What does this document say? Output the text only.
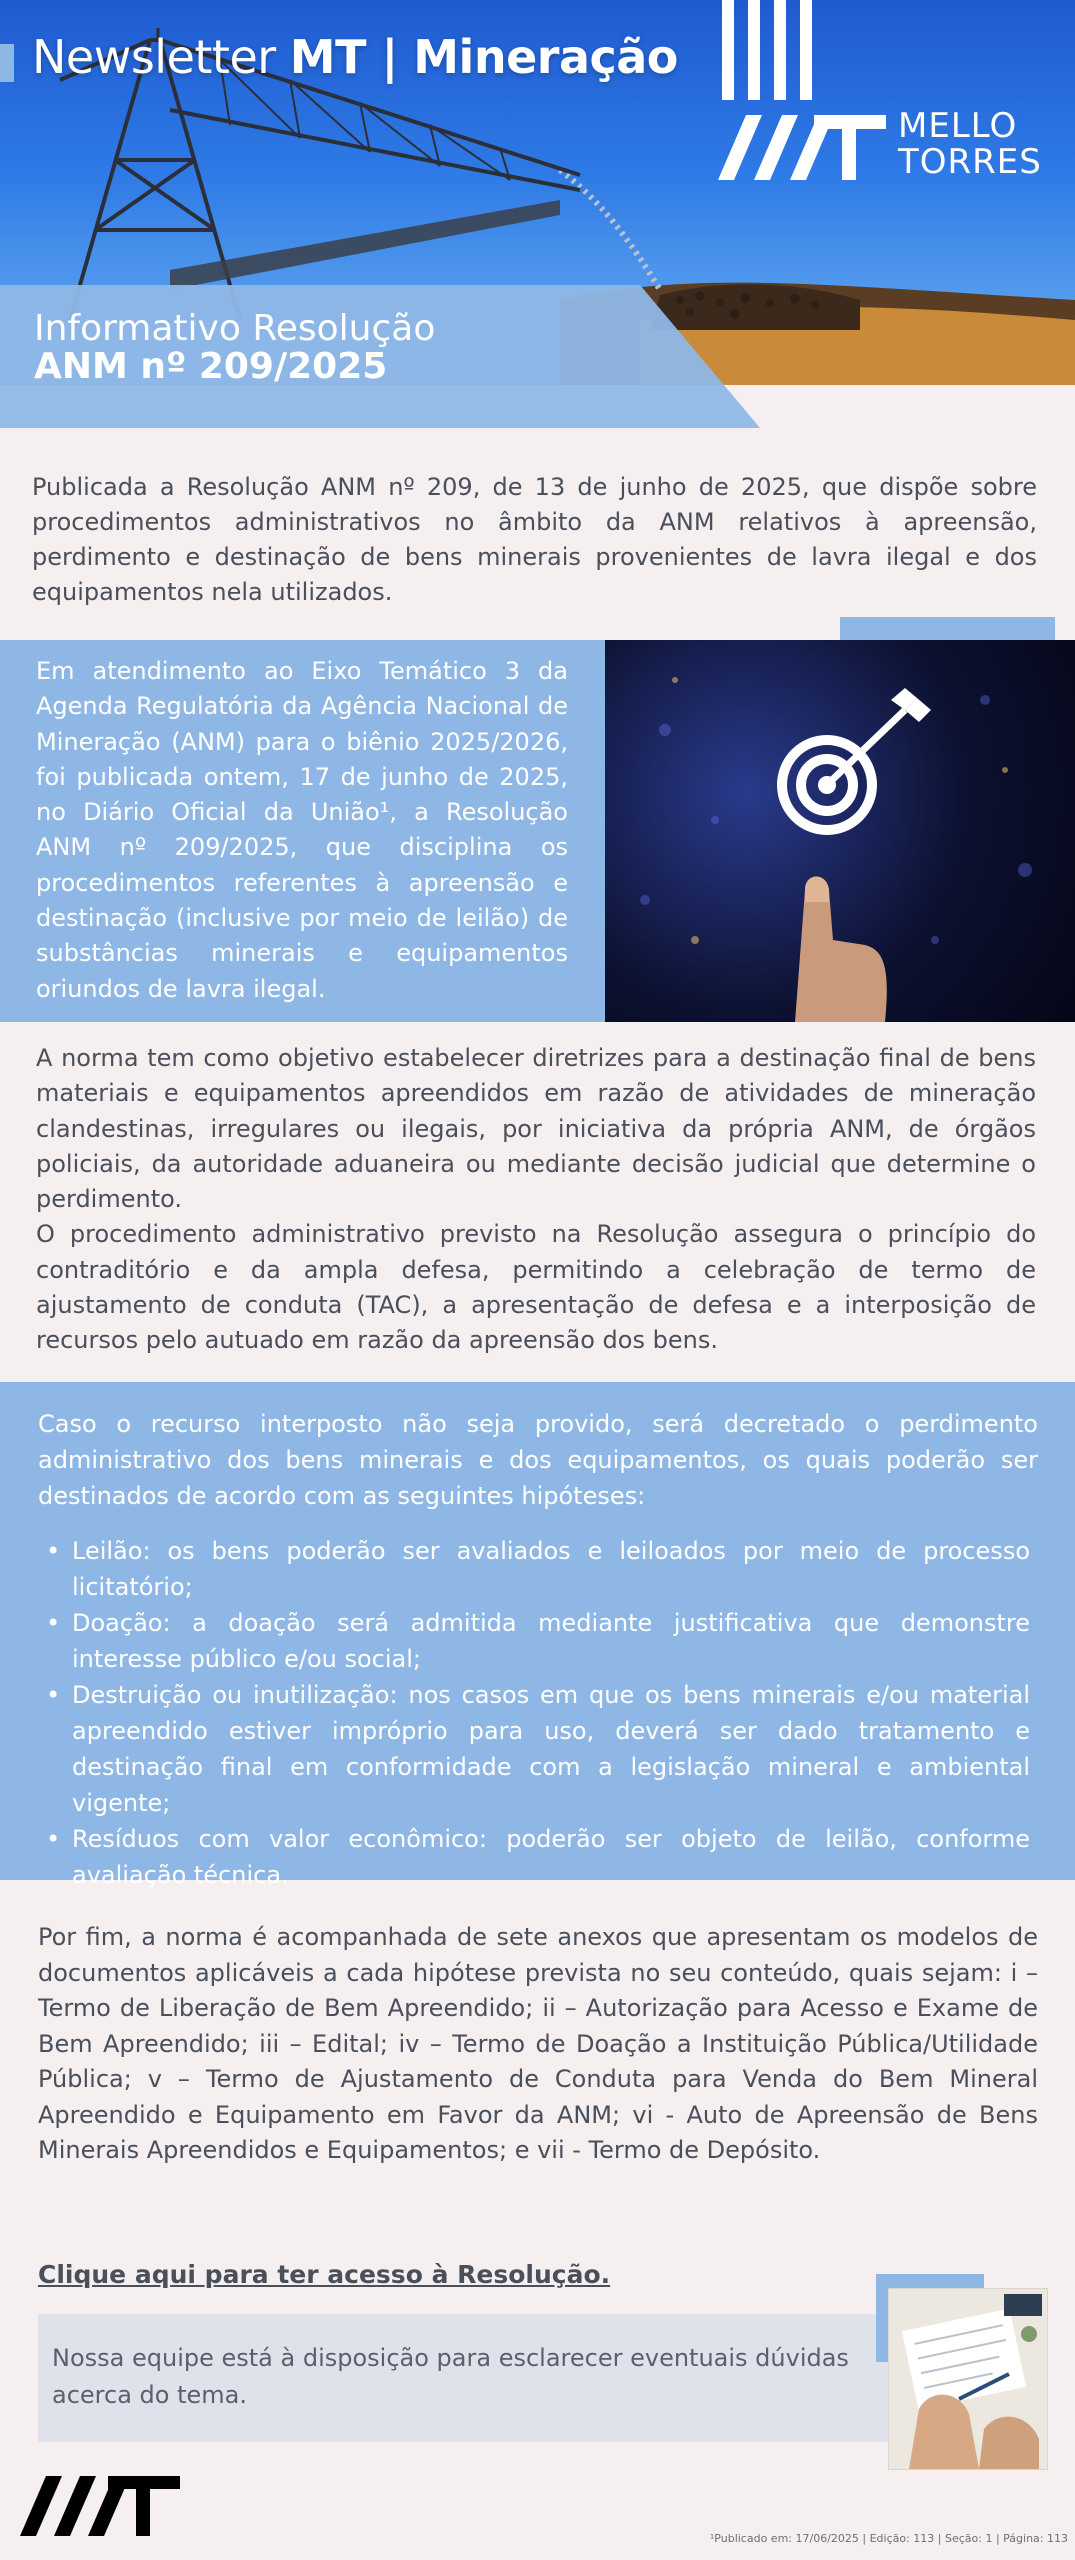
Newsletter MT | Mineração
MELLO
TORRES
Informativo Resolução
ANM nº 209/2025
Publicada a Resolução ANM nº 209, de 13 de junho de 2025, que dispõe sobre procedimentos administrativos no âmbito da ANM relativos à apreensão, perdimento e destinação de bens minerais provenientes de lavra ilegal e dos equipamentos nela utilizados.
Em atendimento ao Eixo Temático 3 da Agenda Regulatória da Agência Nacional de Mineração (ANM) para o biênio 2025/2026, foi publicada ontem, 17 de junho de 2025, no Diário Oficial da União¹, a Resolução ANM nº 209/2025, que disciplina os procedimentos referentes à apreensão e destinação (inclusive por meio de leilão) de substâncias minerais e equipamentos oriundos de lavra ilegal.

A norma tem como objetivo estabelecer diretrizes para a destinação final de bens materiais e equipamentos apreendidos em razão de atividades de mineração clandestinas, irregulares ou ilegais, por iniciativa da própria ANM, de órgãos policiais, da autoridade aduaneira ou mediante decisão judicial que determine o perdimento.

O procedimento administrativo previsto na Resolução assegura o princípio do contraditório e da ampla defesa, permitindo a celebração de termo de ajustamento de conduta (TAC), a apresentação de defesa e a interposição de recursos pelo autuado em razão da apreensão dos bens.

Caso o recurso interposto não seja provido, será decretado o perdimento administrativo dos bens minerais e dos equipamentos, os quais poderão ser destinados de acordo com as seguintes hipóteses:
• Leilão: os bens poderão ser avaliados e leiloados por meio de processo licitatório;
• Doação: a doação será admitida mediante justificativa que demonstre interesse público e/ou social;
• Destruição ou inutilização: nos casos em que os bens minerais e/ou material apreendido estiver impróprio para uso, deverá ser dado tratamento e destinação final em conformidade com a legislação mineral e ambiental vigente;
• Resíduos com valor econômico: poderão ser objeto de leilão, conforme avaliação técnica.
Por fim, a norma é acompanhada de sete anexos que apresentam os modelos de documentos aplicáveis a cada hipótese prevista no seu conteúdo, quais sejam: i – Termo de Liberação de Bem Apreendido; ii – Autorização para Acesso e Exame de Bem Apreendido; iii – Edital; iv – Termo de Doação a Instituição Pública/Utilidade Pública; v – Termo de Ajustamento de Conduta para Venda do Bem Mineral Apreendido e Equipamento em Favor da ANM; vi - Auto de Apreensão de Bens Minerais Apreendidos e Equipamentos; e vii - Termo de Depósito.
Clique aqui para ter acesso à Resolução.
Nossa equipe está à disposição para esclarecer eventuais dúvidas acerca do tema.
¹Publicado em: 17/06/2025 | Edição: 113 | Seção: 1 | Página: 113
